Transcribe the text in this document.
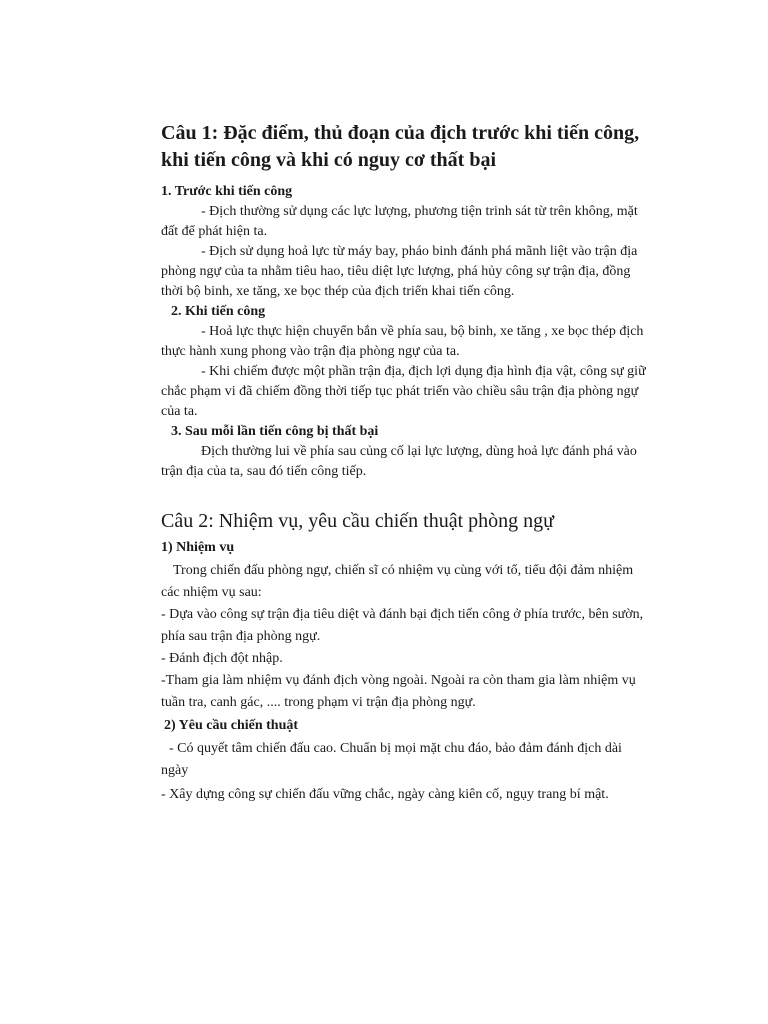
Câu 1: Đặc điểm, thủ đoạn của địch trước khi tiến công, khi tiến công và khi có nguy cơ thất bại
1. Trước khi tiến công
- Địch thường sử dụng các lực lượng, phương tiện trinh sát từ trên không, mặt đất để phát hiện ta.
- Địch sử dụng hoả lực từ máy bay, pháo binh đánh phá mãnh liệt vào trận địa phòng ngự của ta nhằm tiêu hao, tiêu diệt lực lượng, phá hủy công sự trận địa, đồng thời bộ binh, xe tăng, xe bọc thép của địch triển khai tiến công.
2. Khi tiến công
- Hoả lực thực hiện chuyển bắn về phía sau, bộ binh, xe tăng , xe bọc thép địch thực hành xung phong vào trận địa phòng ngự của ta.
- Khi chiếm được một phần trận địa, địch lợi dụng địa hình địa vật, công sự giữ chắc phạm vi đã chiếm đồng thời tiếp tục phát triển vào chiều sâu trận địa phòng ngự của ta.
3. Sau mỗi lần tiến công bị thất bại
Địch thường lui về phía sau củng cố lại lực lượng, dùng hoả lực đánh phá vào trận địa của ta, sau đó tiến công tiếp.
Câu 2: Nhiệm vụ, yêu cầu chiến thuật phòng ngự
1) Nhiệm vụ
Trong chiến đấu phòng ngự, chiến sĩ có nhiệm vụ cùng với tổ, tiểu đội đảm nhiệm các nhiệm vụ sau:
- Dựa vào công sự trận địa tiêu diệt và đánh bại địch tiến công ở phía trước, bên sườn, phía sau trận địa phòng ngự.
- Đánh địch đột nhập.
-Tham gia làm nhiệm vụ đánh địch vòng ngoài. Ngoài ra còn tham gia làm nhiệm vụ tuần tra, canh gác, .... trong phạm vi trận địa phòng ngự.
2) Yêu cầu chiến thuật
- Có quyết tâm chiến đấu cao. Chuẩn bị mọi mặt chu đáo, bảo đảm đánh địch dài ngày
- Xây dựng công sự chiến đấu vững chắc, ngày càng kiên cố, ngụy trang bí mật.
